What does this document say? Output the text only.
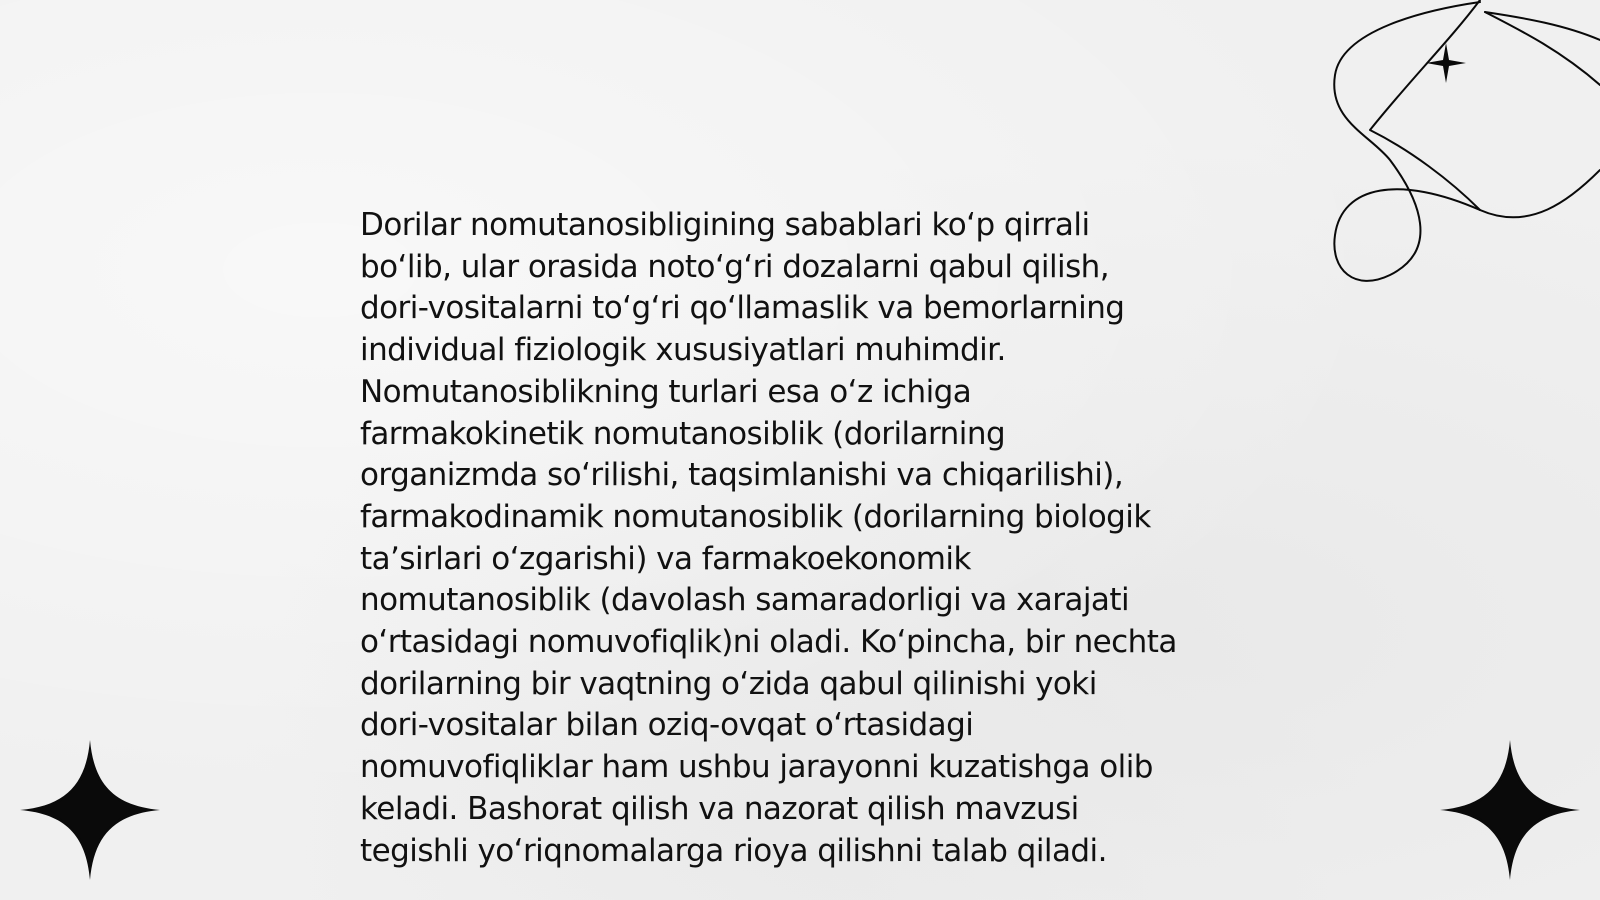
Dorilar nomutanosibligining sabablari ko‘p qirrali
bo‘lib, ular orasida noto‘g‘ri dozalarni qabul qilish,
dori-vositalarni to‘g‘ri qo‘llamaslik va bemorlarning
individual fiziologik xususiyatlari muhimdir.
Nomutanosiblikning turlari esa o‘z ichiga
farmakokinetik nomutanosiblik (dorilarning
organizmda so‘rilishi, taqsimlanishi va chiqarilishi),
farmakodinamik nomutanosiblik (dorilarning biologik
ta’sirlari o‘zgarishi) va farmakoekonomik
nomutanosiblik (davolash samaradorligi va xarajati
o‘rtasidagi nomuvofiqlik)ni oladi. Ko‘pincha, bir nechta
dorilarning bir vaqtning o‘zida qabul qilinishi yoki
dori-vositalar bilan oziq-ovqat o‘rtasidagi
nomuvofiqliklar ham ushbu jarayonni kuzatishga olib
keladi. Bashorat qilish va nazorat qilish mavzusi
tegishli yo‘riqnomalarga rioya qilishni talab qiladi.
